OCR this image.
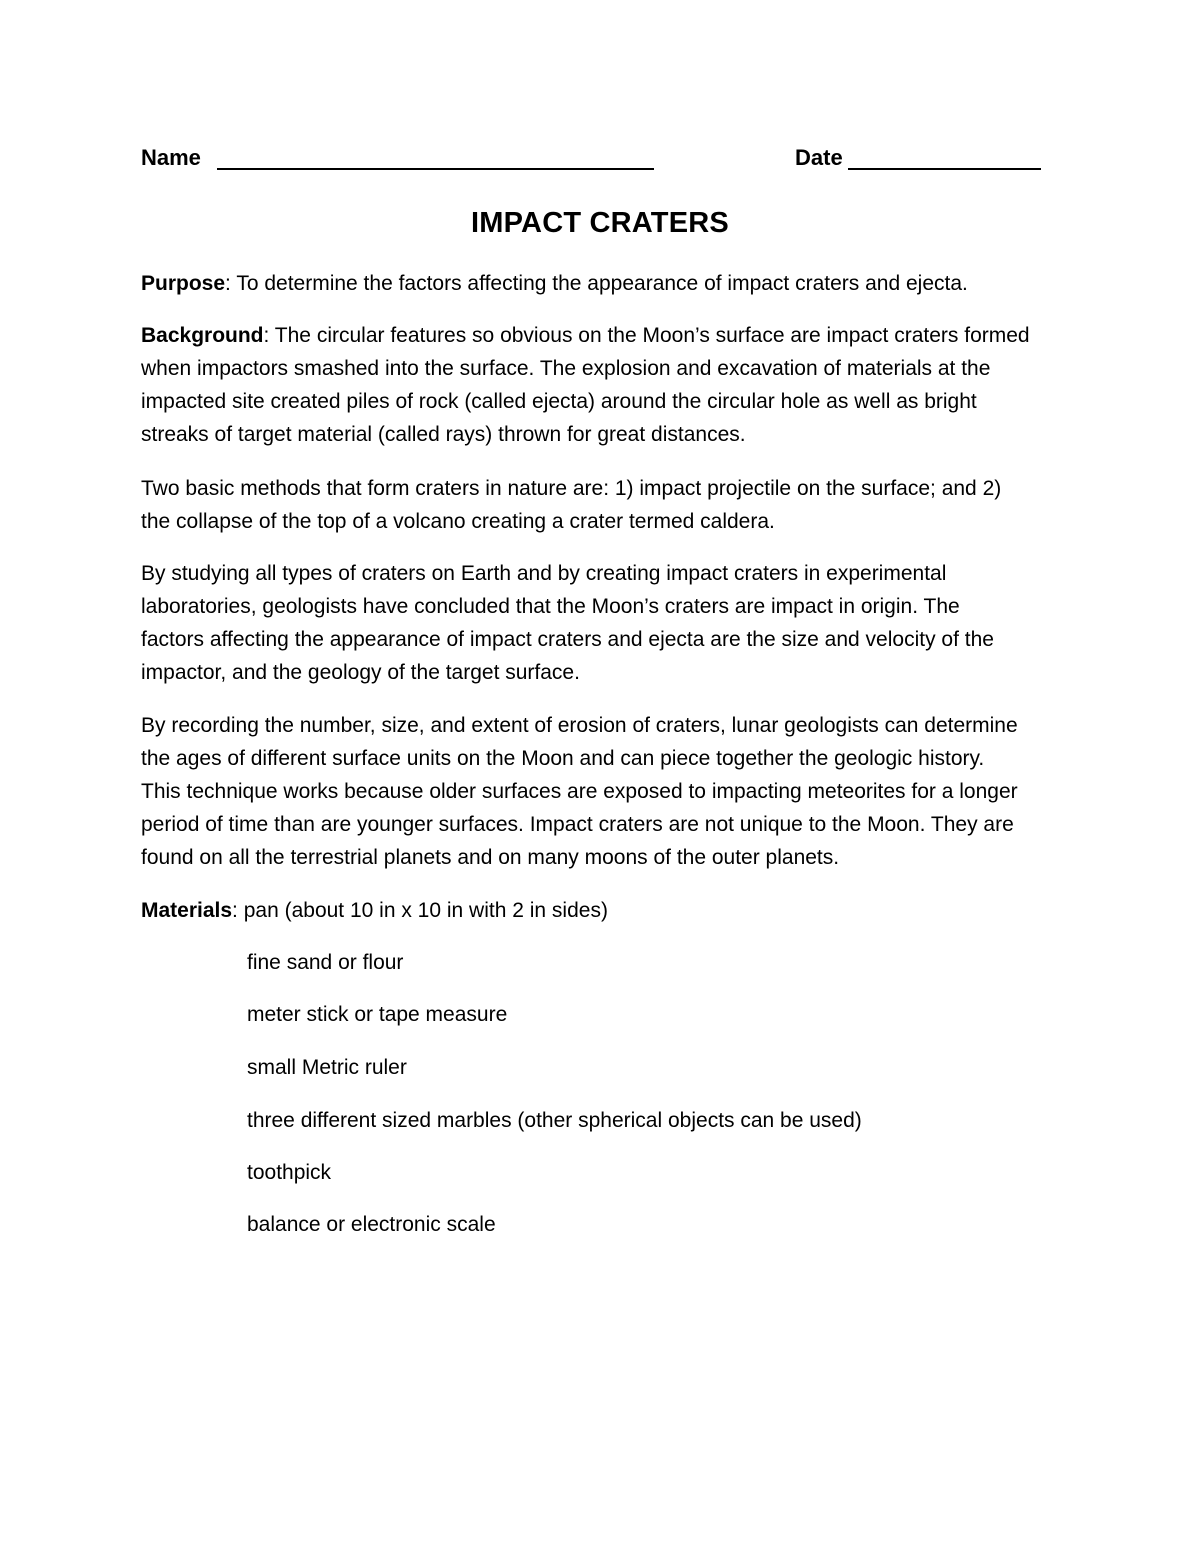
Name	Date
IMPACT CRATERS
Purpose: To determine the factors affecting the appearance of impact craters and ejecta.
Background: The circular features so obvious on the Moon’s surface are impact craters formed
when impactors smashed into the surface. The explosion and excavation of materials at the
impacted site created piles of rock (called ejecta) around the circular hole as well as bright
streaks of target material (called rays) thrown for great distances.
Two basic methods that form craters in nature are: 1) impact projectile on the surface; and 2)
the collapse of the top of a volcano creating a crater termed caldera.
By studying all types of craters on Earth and by creating impact craters in experimental
laboratories, geologists have concluded that the Moon’s craters are impact in origin. The
factors affecting the appearance of impact craters and ejecta are the size and velocity of the
impactor, and the geology of the target surface.
By recording the number, size, and extent of erosion of craters, lunar geologists can determine
the ages of different surface units on the Moon and can piece together the geologic history.
This technique works because older surfaces are exposed to impacting meteorites for a longer
period of time than are younger surfaces. Impact craters are not unique to the Moon. They are
found on all the terrestrial planets and on many moons of the outer planets.
Materials: pan (about 10 in x 10 in with 2 in sides)
fine sand or flour
meter stick or tape measure
small Metric ruler
three different sized marbles (other spherical objects can be used)
toothpick
balance or electronic scale
